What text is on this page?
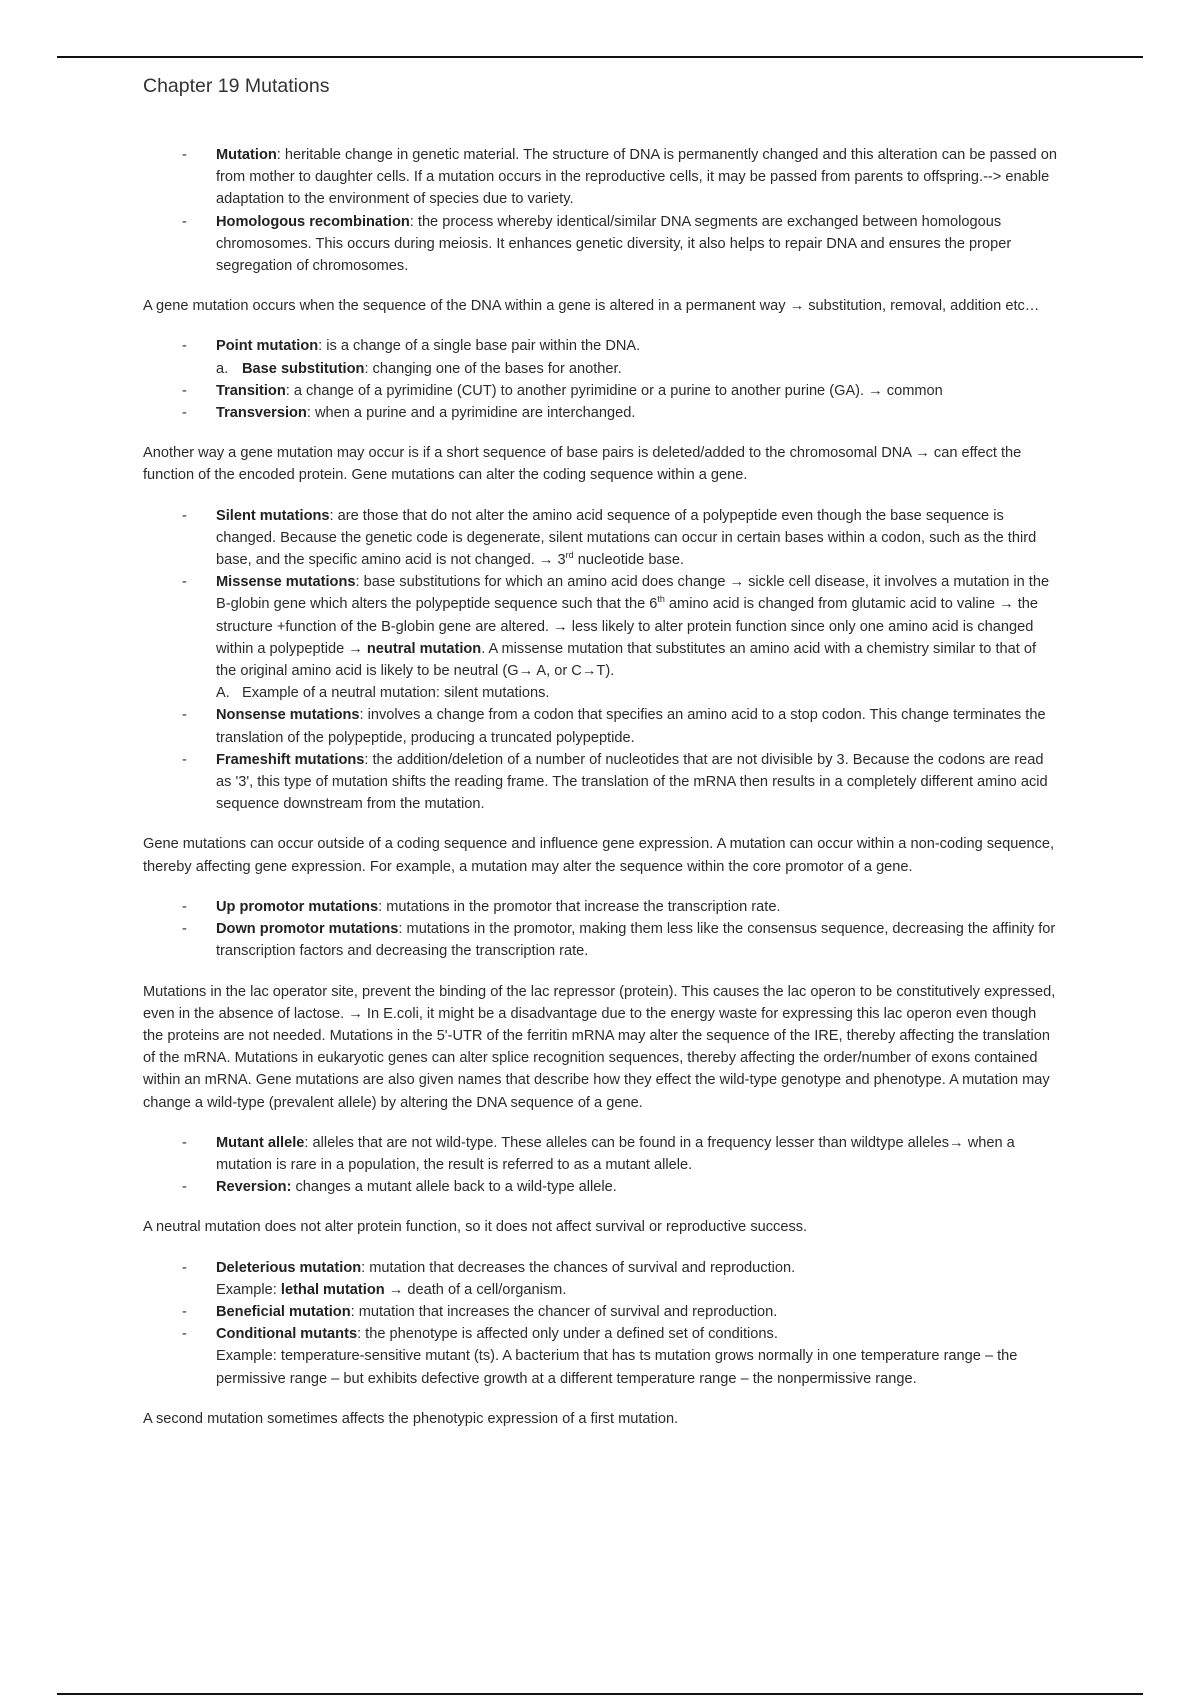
Chapter 19 Mutations
- Mutation: heritable change in genetic material. The structure of DNA is permanently changed and this alteration can be passed on from mother to daughter cells. If a mutation occurs in the reproductive cells, it may be passed from parents to offspring.--> enable adaptation to the environment of species due to variety.
- Homologous recombination: the process whereby identical/similar DNA segments are exchanged between homologous chromosomes. This occurs during meiosis. It enhances genetic diversity, it also helps to repair DNA and ensures the proper segregation of chromosomes.

A gene mutation occurs when the sequence of the DNA within a gene is altered in a permanent way → substitution, removal, addition etc…

- Point mutation: is a change of a single base pair within the DNA.
a. Base substitution: changing one of the bases for another.
- Transition: a change of a pyrimidine (CUT) to another pyrimidine or a purine to another purine (GA). → common
- Transversion: when a purine and a pyrimidine are interchanged.

Another way a gene mutation may occur is if a short sequence of base pairs is deleted/added to the chromosomal DNA → can effect the function of the encoded protein. Gene mutations can alter the coding sequence within a gene.

- Silent mutations: are those that do not alter the amino acid sequence of a polypeptide even though the base sequence is changed. Because the genetic code is degenerate, silent mutations can occur in certain bases within a codon, such as the third base, and the specific amino acid is not changed. → 3rd nucleotide base.
- Missense mutations: base substitutions for which an amino acid does change → sickle cell disease, it involves a mutation in the B-globin gene which alters the polypeptide sequence such that the 6th amino acid is changed from glutamic acid to valine → the structure +function of the B-globin gene are altered. → less likely to alter protein function since only one amino acid is changed within a polypeptide → neutral mutation. A missense mutation that substitutes an amino acid with a chemistry similar to that of the original amino acid is likely to be neutral (G→ A, or C→T).
A. Example of a neutral mutation: silent mutations.
- Nonsense mutations: involves a change from a codon that specifies an amino acid to a stop codon. This change terminates the translation of the polypeptide, producing a truncated polypeptide.
- Frameshift mutations: the addition/deletion of a number of nucleotides that are not divisible by 3. Because the codons are read as '3', this type of mutation shifts the reading frame. The translation of the mRNA then results in a completely different amino acid sequence downstream from the mutation.

Gene mutations can occur outside of a coding sequence and influence gene expression. A mutation can occur within a non-coding sequence, thereby affecting gene expression. For example, a mutation may alter the sequence within the core promotor of a gene.

- Up promotor mutations: mutations in the promotor that increase the transcription rate.
- Down promotor mutations: mutations in the promotor, making them less like the consensus sequence, decreasing the affinity for transcription factors and decreasing the transcription rate.

Mutations in the lac operator site, prevent the binding of the lac repressor (protein). This causes the lac operon to be constitutively expressed, even in the absence of lactose. → In E.coli, it might be a disadvantage due to the energy waste for expressing this lac operon even though the proteins are not needed. Mutations in the 5'-UTR of the ferritin mRNA may alter the sequence of the IRE, thereby affecting the translation of the mRNA. Mutations in eukaryotic genes can alter splice recognition sequences, thereby affecting the order/number of exons contained within an mRNA. Gene mutations are also given names that describe how they effect the wild-type genotype and phenotype. A mutation may change a wild-type (prevalent allele) by altering the DNA sequence of a gene.

- Mutant allele: alleles that are not wild-type. These alleles can be found in a frequency lesser than wildtype alleles→ when a mutation is rare in a population, the result is referred to as a mutant allele.
- Reversion: changes a mutant allele back to a wild-type allele.

A neutral mutation does not alter protein function, so it does not affect survival or reproductive success.

- Deleterious mutation: mutation that decreases the chances of survival and reproduction.
Example: lethal mutation → death of a cell/organism.
- Beneficial mutation: mutation that increases the chancer of survival and reproduction.
- Conditional mutants: the phenotype is affected only under a defined set of conditions.
Example: temperature-sensitive mutant (ts). A bacterium that has ts mutation grows normally in one temperature range – the permissive range – but exhibits defective growth at a different temperature range – the nonpermissive range.

A second mutation sometimes affects the phenotypic expression of a first mutation.
